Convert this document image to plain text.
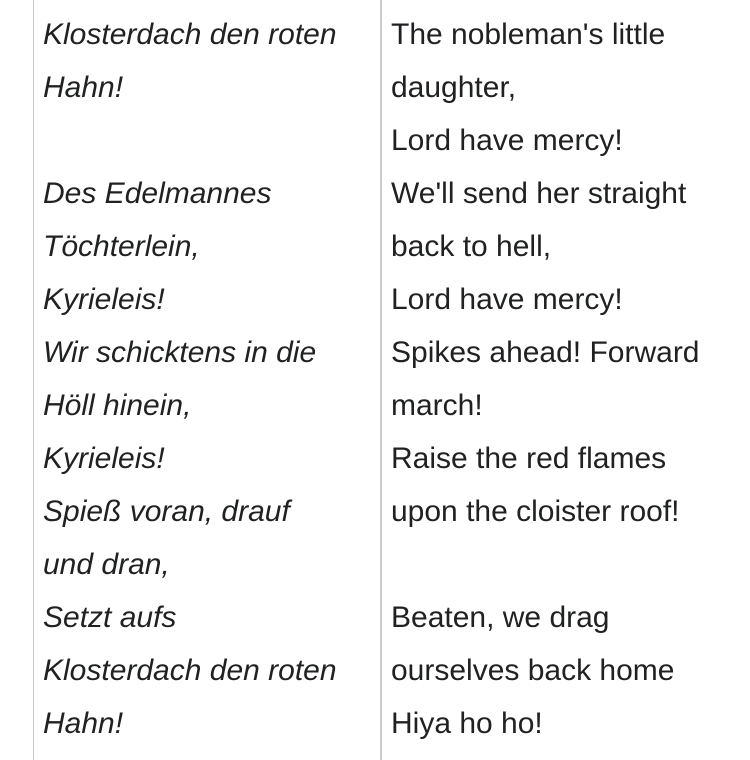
Klosterdach den roten
Hahn!
Des Edelmannes
Töchterlein,
Kyrieleis!
Wir schicktens in die
Höll hinein,
Kyrieleis!
Spieß voran, drauf
und dran,
Setzt aufs
Klosterdach den roten
Hahn!
The nobleman's little
daughter,
Lord have mercy!
We'll send her straight
back to hell,
Lord have mercy!
Spikes ahead! Forward
march!
Raise the red flames
upon the cloister roof!
Beaten, we drag
ourselves back home
Hiya ho ho!
